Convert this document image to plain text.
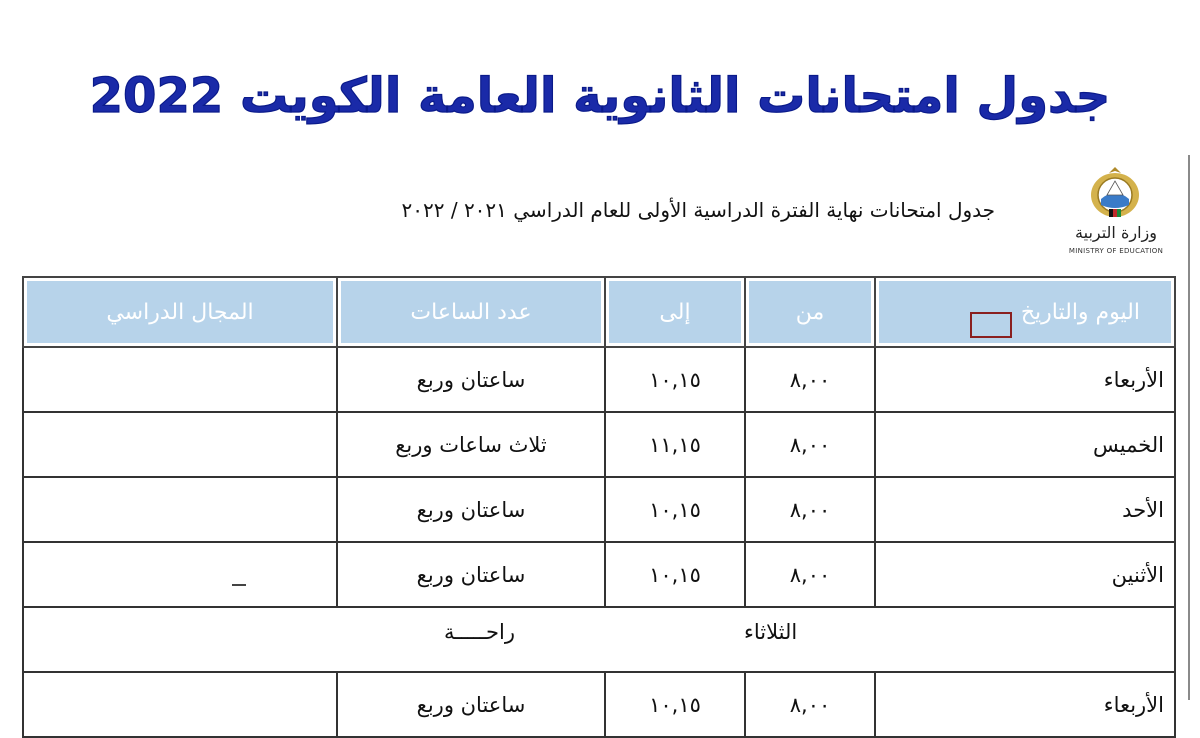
جدول امتحانات الثانوية العامة الكويت 2022
وزارة التربية
MINISTRY OF EDUCATION
جدول امتحانات نهاية الفترة الدراسية الأولى للعام الدراسي ٢٠٢١ / ٢٠٢٢
اليوم والتاريخ	من	إلى	عدد الساعات	المجال الدراسي
الأربعاء	٨,٠٠	١٠,١٥	ساعتان وربع	
الخميس	٨,٠٠	١١,١٥	ثلاث ساعات وربع	
الأحد	٨,٠٠	١٠,١٥	ساعتان وربع	
الأثنين	٨,٠٠	١٠,١٥	ساعتان وربع	

الثلاثاء
راحـــــة				

الأربعاء	٨,٠٠	١٠,١٥	ساعتان وربع	
